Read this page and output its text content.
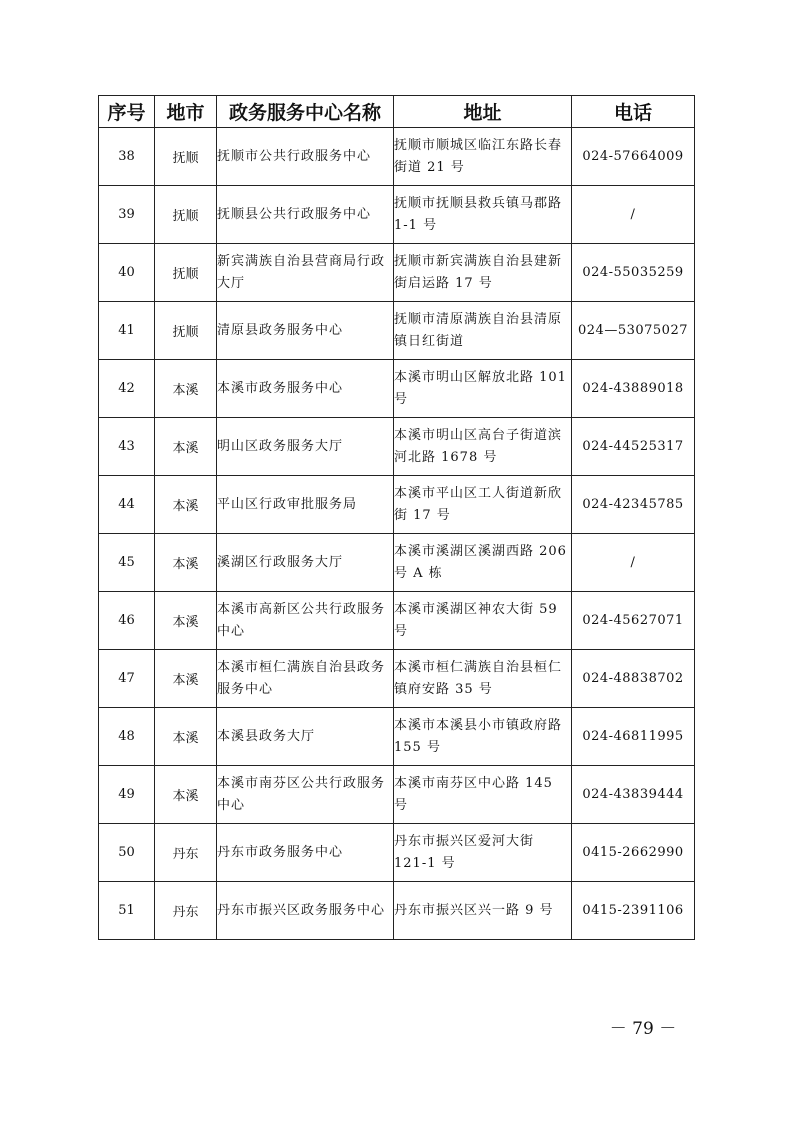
序号	地市	政务服务中心名称	地址	电话
38	抚顺	抚顺市公共行政服务中心	抚顺市顺城区临江东路长春街道 21 号	024-57664009
39	抚顺	抚顺县公共行政服务中心	抚顺市抚顺县救兵镇马郡路 1-1 号	/
40	抚顺	新宾满族自治县营商局行政大厅	抚顺市新宾满族自治县建新街启运路 17 号	024-55035259
41	抚顺	清原县政务服务中心	抚顺市清原满族自治县清原镇日红街道	024—53075027
42	本溪	本溪市政务服务中心	本溪市明山区解放北路 101 号	024-43889018
43	本溪	明山区政务服务大厅	本溪市明山区高台子街道滨河北路 1678 号	024-44525317
44	本溪	平山区行政审批服务局	本溪市平山区工人街道新欣街 17 号	024-42345785
45	本溪	溪湖区行政服务大厅	本溪市溪湖区溪湖西路 206 号 A 栋	/
46	本溪	本溪市高新区公共行政服务中心	本溪市溪湖区神农大街 59 号	024-45627071
47	本溪	本溪市桓仁满族自治县政务服务中心	本溪市桓仁满族自治县桓仁镇府安路 35 号	024-48838702
48	本溪	本溪县政务大厅	本溪市本溪县小市镇政府路 155 号	024-46811995
49	本溪	本溪市南芬区公共行政服务中心	本溪市南芬区中心路 145 号	024-43839444
50	丹东	丹东市政务服务中心	丹东市振兴区爱河大街 121-1 号	0415-2662990
51	丹东	丹东市振兴区政务服务中心	丹东市振兴区兴一路 9 号	0415-2391106
－ 79 －
